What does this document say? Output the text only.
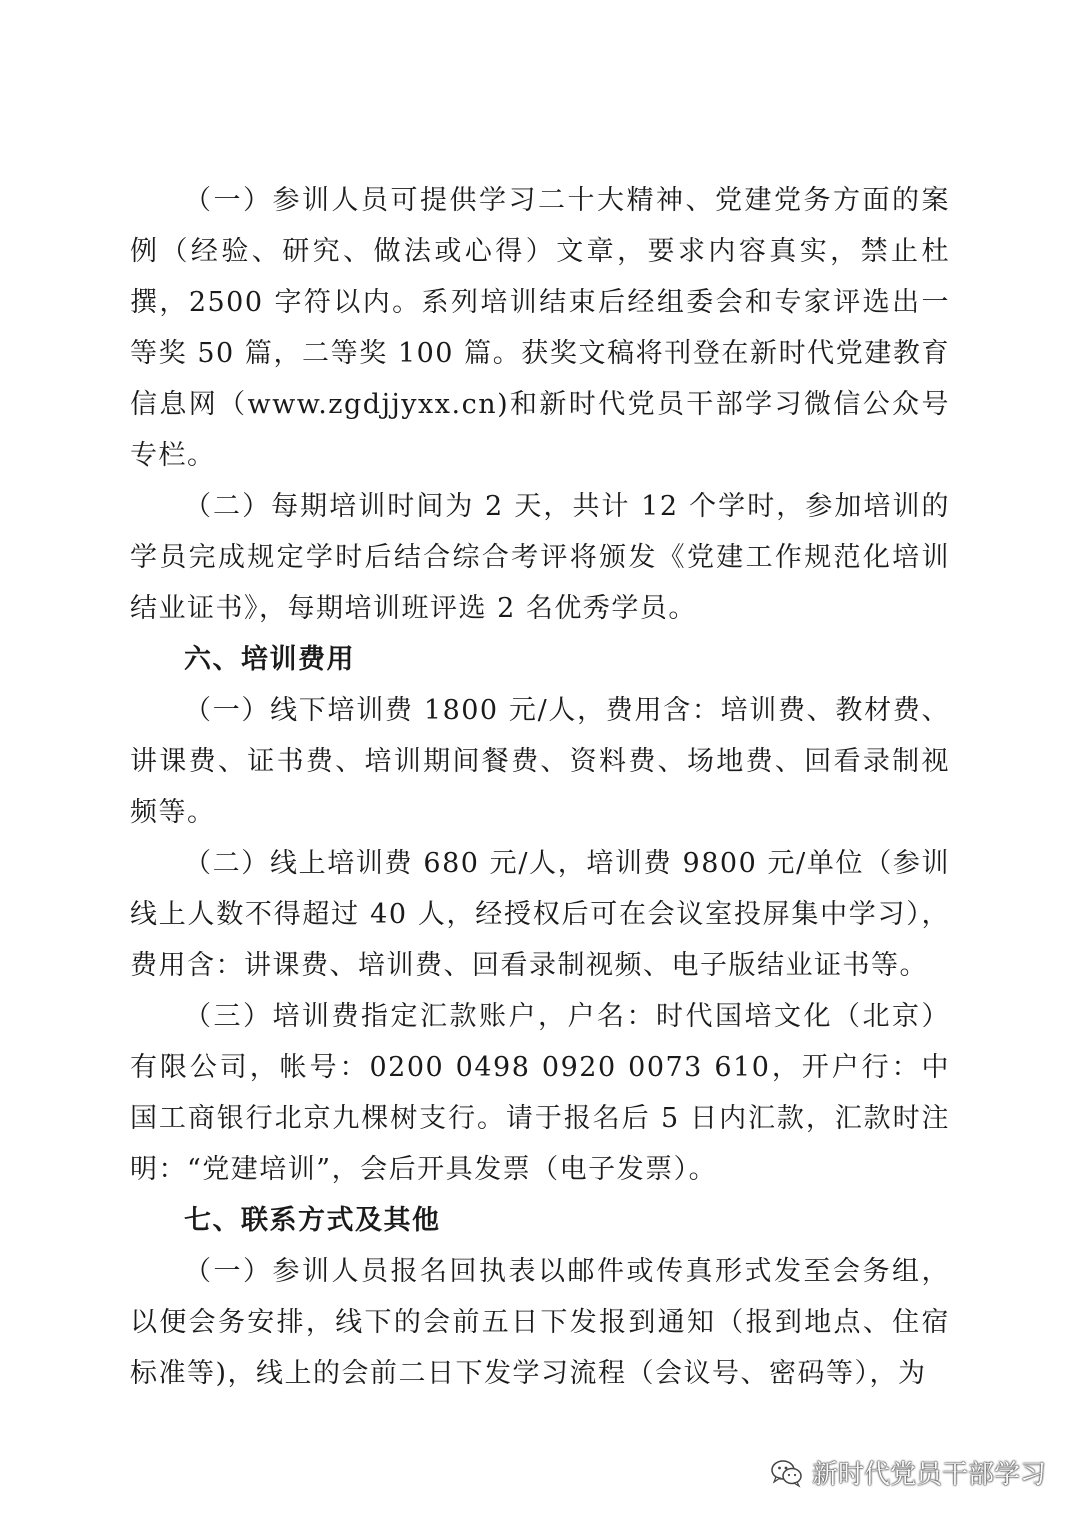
（一）参训人员可提供学习二十大精神、党建党务方面的案例（经验、研究、做法或心得）文章，要求内容真实，禁止杜撰，2500 字符以内。系列培训结束后经组委会和专家评选出一等奖 50 篇，二等奖 100 篇。获奖文稿将刊登在新时代党建教育信息网（www.zgdjjyxx.cn)和新时代党员干部学习微信公众号专栏。

（二）每期培训时间为 2 天，共计 12 个学时，参加培训的学员完成规定学时后结合综合考评将颁发《党建工作规范化培训结业证书》，每期培训班评选 2 名优秀学员。

六、培训费用

（一）线下培训费 1800 元/人，费用含：培训费、教材费、讲课费、证书费、培训期间餐费、资料费、场地费、回看录制视频等。

（二）线上培训费 680 元/人，培训费 9800 元/单位（参训线上人数不得超过 40 人，经授权后可在会议室投屏集中学习），费用含：讲课费、培训费、回看录制视频、电子版结业证书等。

（三）培训费指定汇款账户，户名：时代国培文化（北京）有限公司，帐号：0200 0498 0920 0073 610，开户行：中国工商银行北京九棵树支行。请于报名后 5 日内汇款，汇款时注明：“党建培训”，会后开具发票（电子发票）。

七、联系方式及其他

（一）参训人员报名回执表以邮件或传真形式发至会务组，以便会务安排，线下的会前五日下发报到通知（报到地点、住宿标准等)，线上的会前二日下发学习流程（会议号、密码等），为

新时代党员干部学习
